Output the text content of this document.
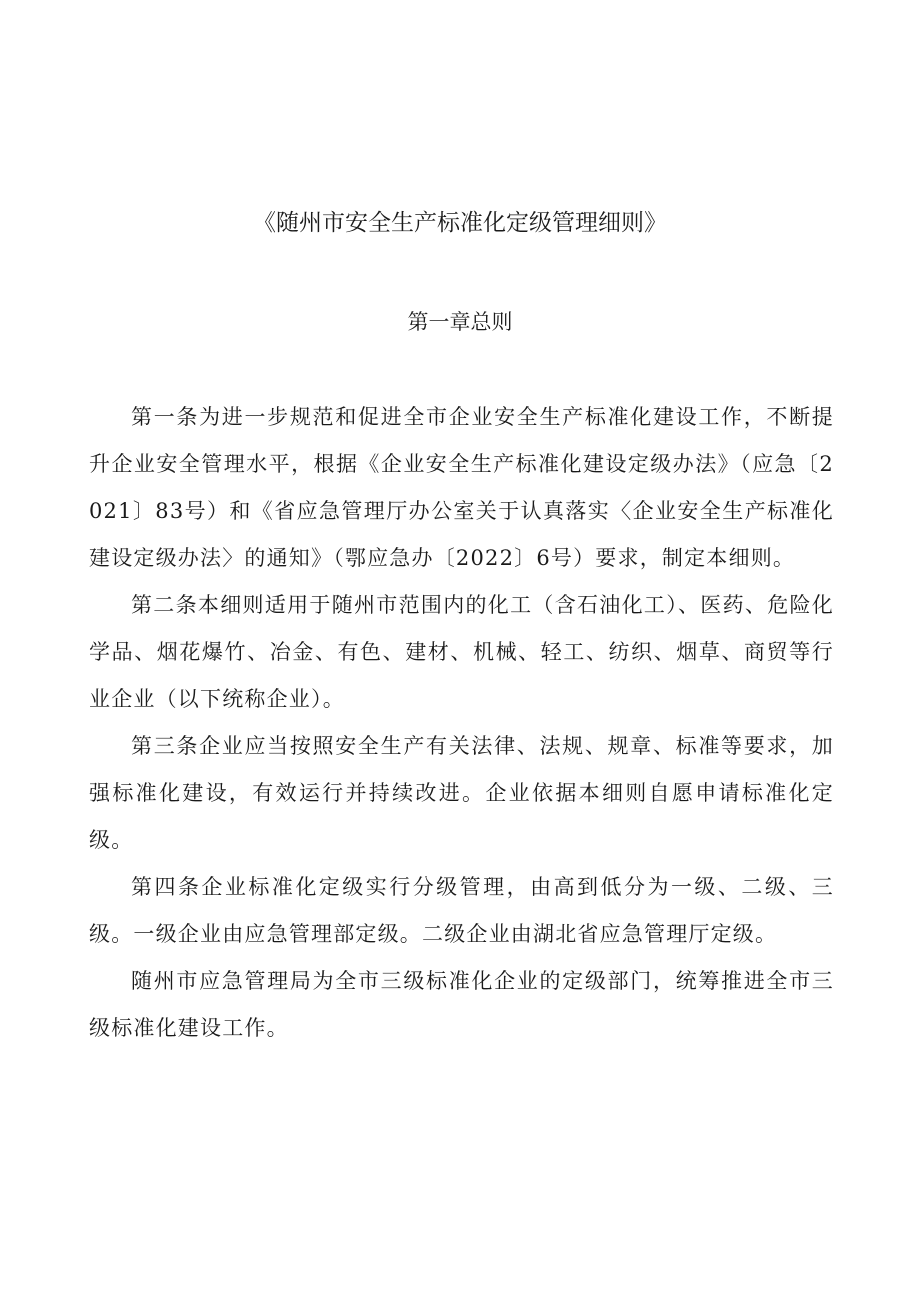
《随州市安全生产标准化定级管理细则》
第一章总则

第一条为进一步规范和促进全市企业安全生产标准化建设工作，不断提升企业安全管理水平，根据《企业安全生产标准化建设定级办法》（应急〔2021〕83号）和《省应急管理厅办公室关于认真落实〈企业安全生产标准化建设定级办法〉的通知》（鄂应急办〔2022〕6号）要求，制定本细则。

第二条本细则适用于随州市范围内的化工（含石油化工）、医药、危险化学品、烟花爆竹、冶金、有色、建材、机械、轻工、纺织、烟草、商贸等行业企业（以下统称企业）。

第三条企业应当按照安全生产有关法律、法规、规章、标准等要求，加强标准化建设，有效运行并持续改进。企业依据本细则自愿申请标准化定级。

第四条企业标准化定级实行分级管理，由高到低分为一级、二级、三级。一级企业由应急管理部定级。二级企业由湖北省应急管理厅定级。

随州市应急管理局为全市三级标准化企业的定级部门，统筹推进全市三级标准化建设工作。
